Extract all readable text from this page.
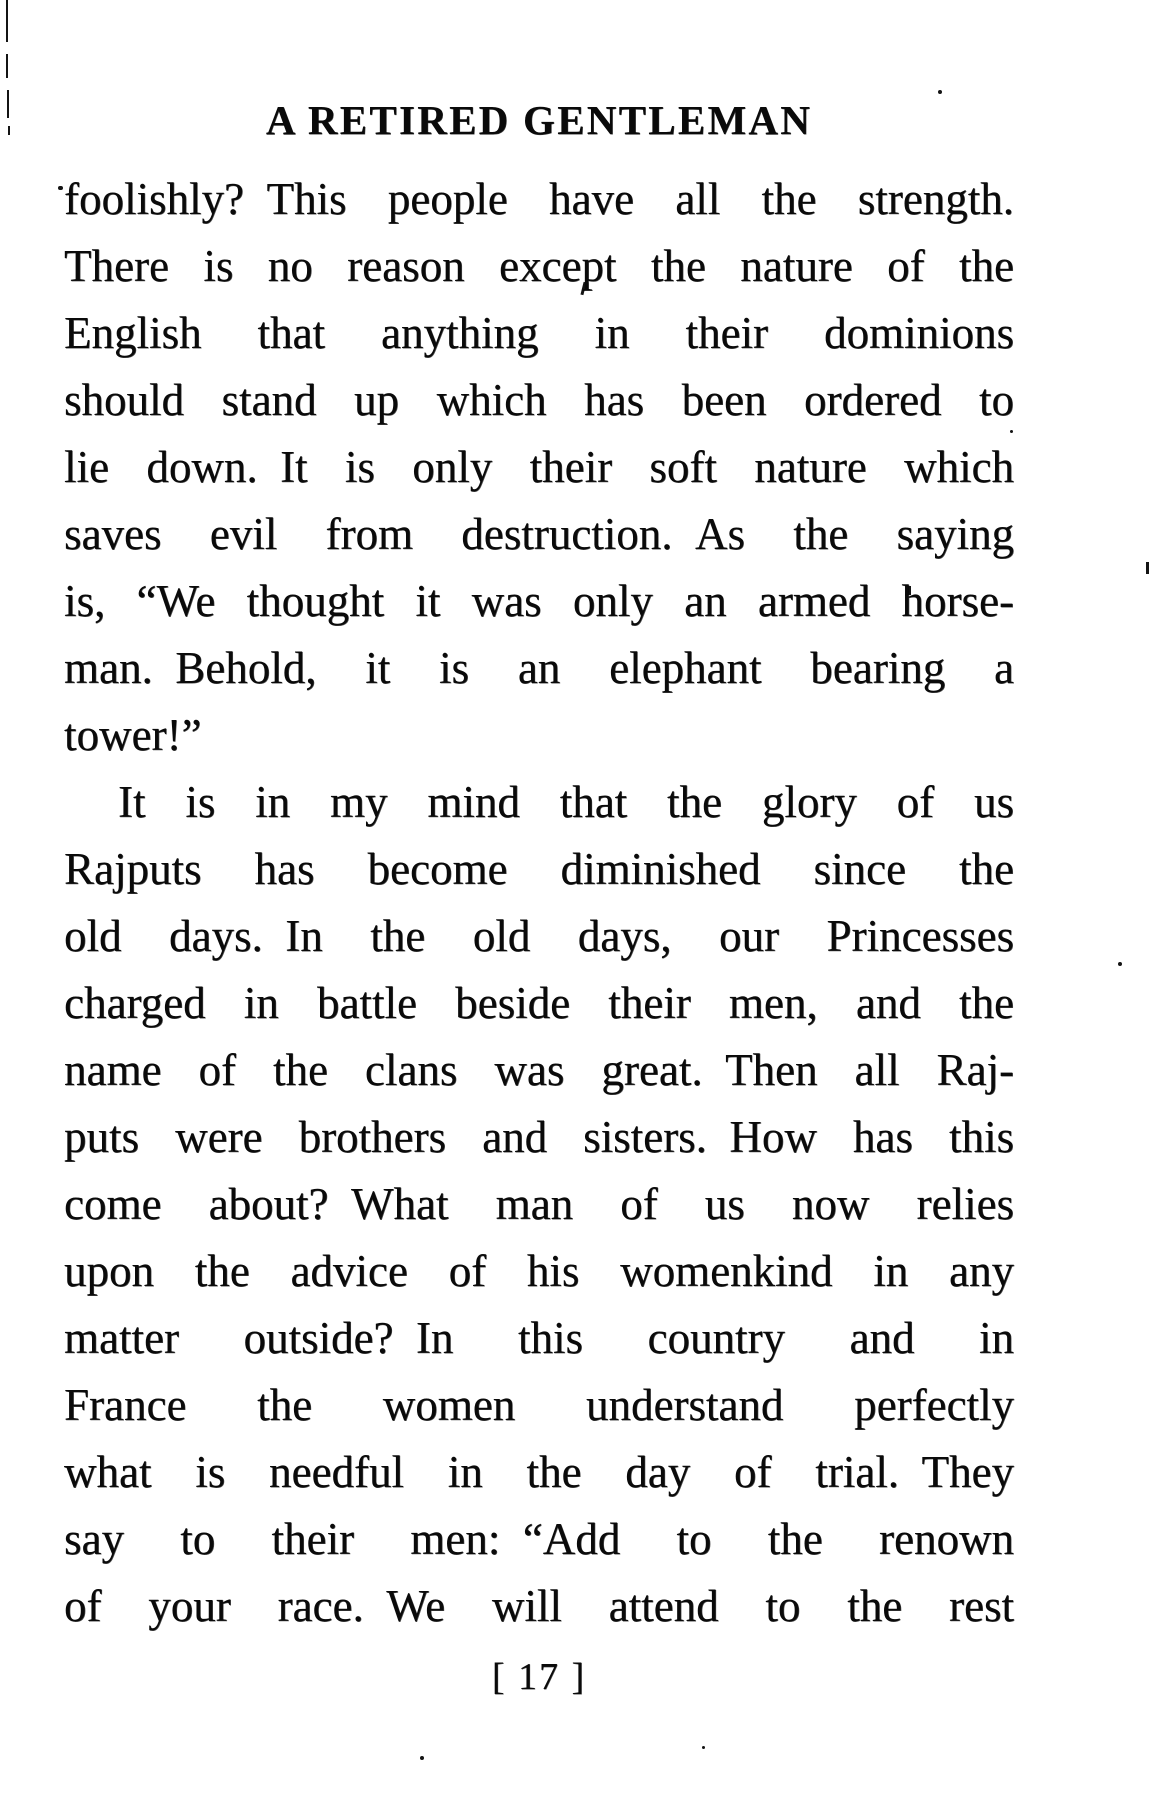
A RETIRED GENTLEMAN
foolishly? This people have all the strength.
There is no reason except the nature of the
English that anything in their dominions
should stand up which has been ordered to
lie down. It is only their soft nature which
saves evil from destruction. As the saying
is, “We thought it was only an armed horse-
man. Behold, it is an elephant bearing a
tower!”
It is in my mind that the glory of us
Rajputs has become diminished since the
old days. In the old days, our Princesses
charged in battle beside their men, and the
name of the clans was great. Then all Raj-
puts were brothers and sisters. How has this
come about? What man of us now relies
upon the advice of his womenkind in any
matter outside? In this country and in
France the women understand perfectly
what is needful in the day of trial. They
say to their men: “Add to the renown
of your race. We will attend to the rest
[ 17 ]
